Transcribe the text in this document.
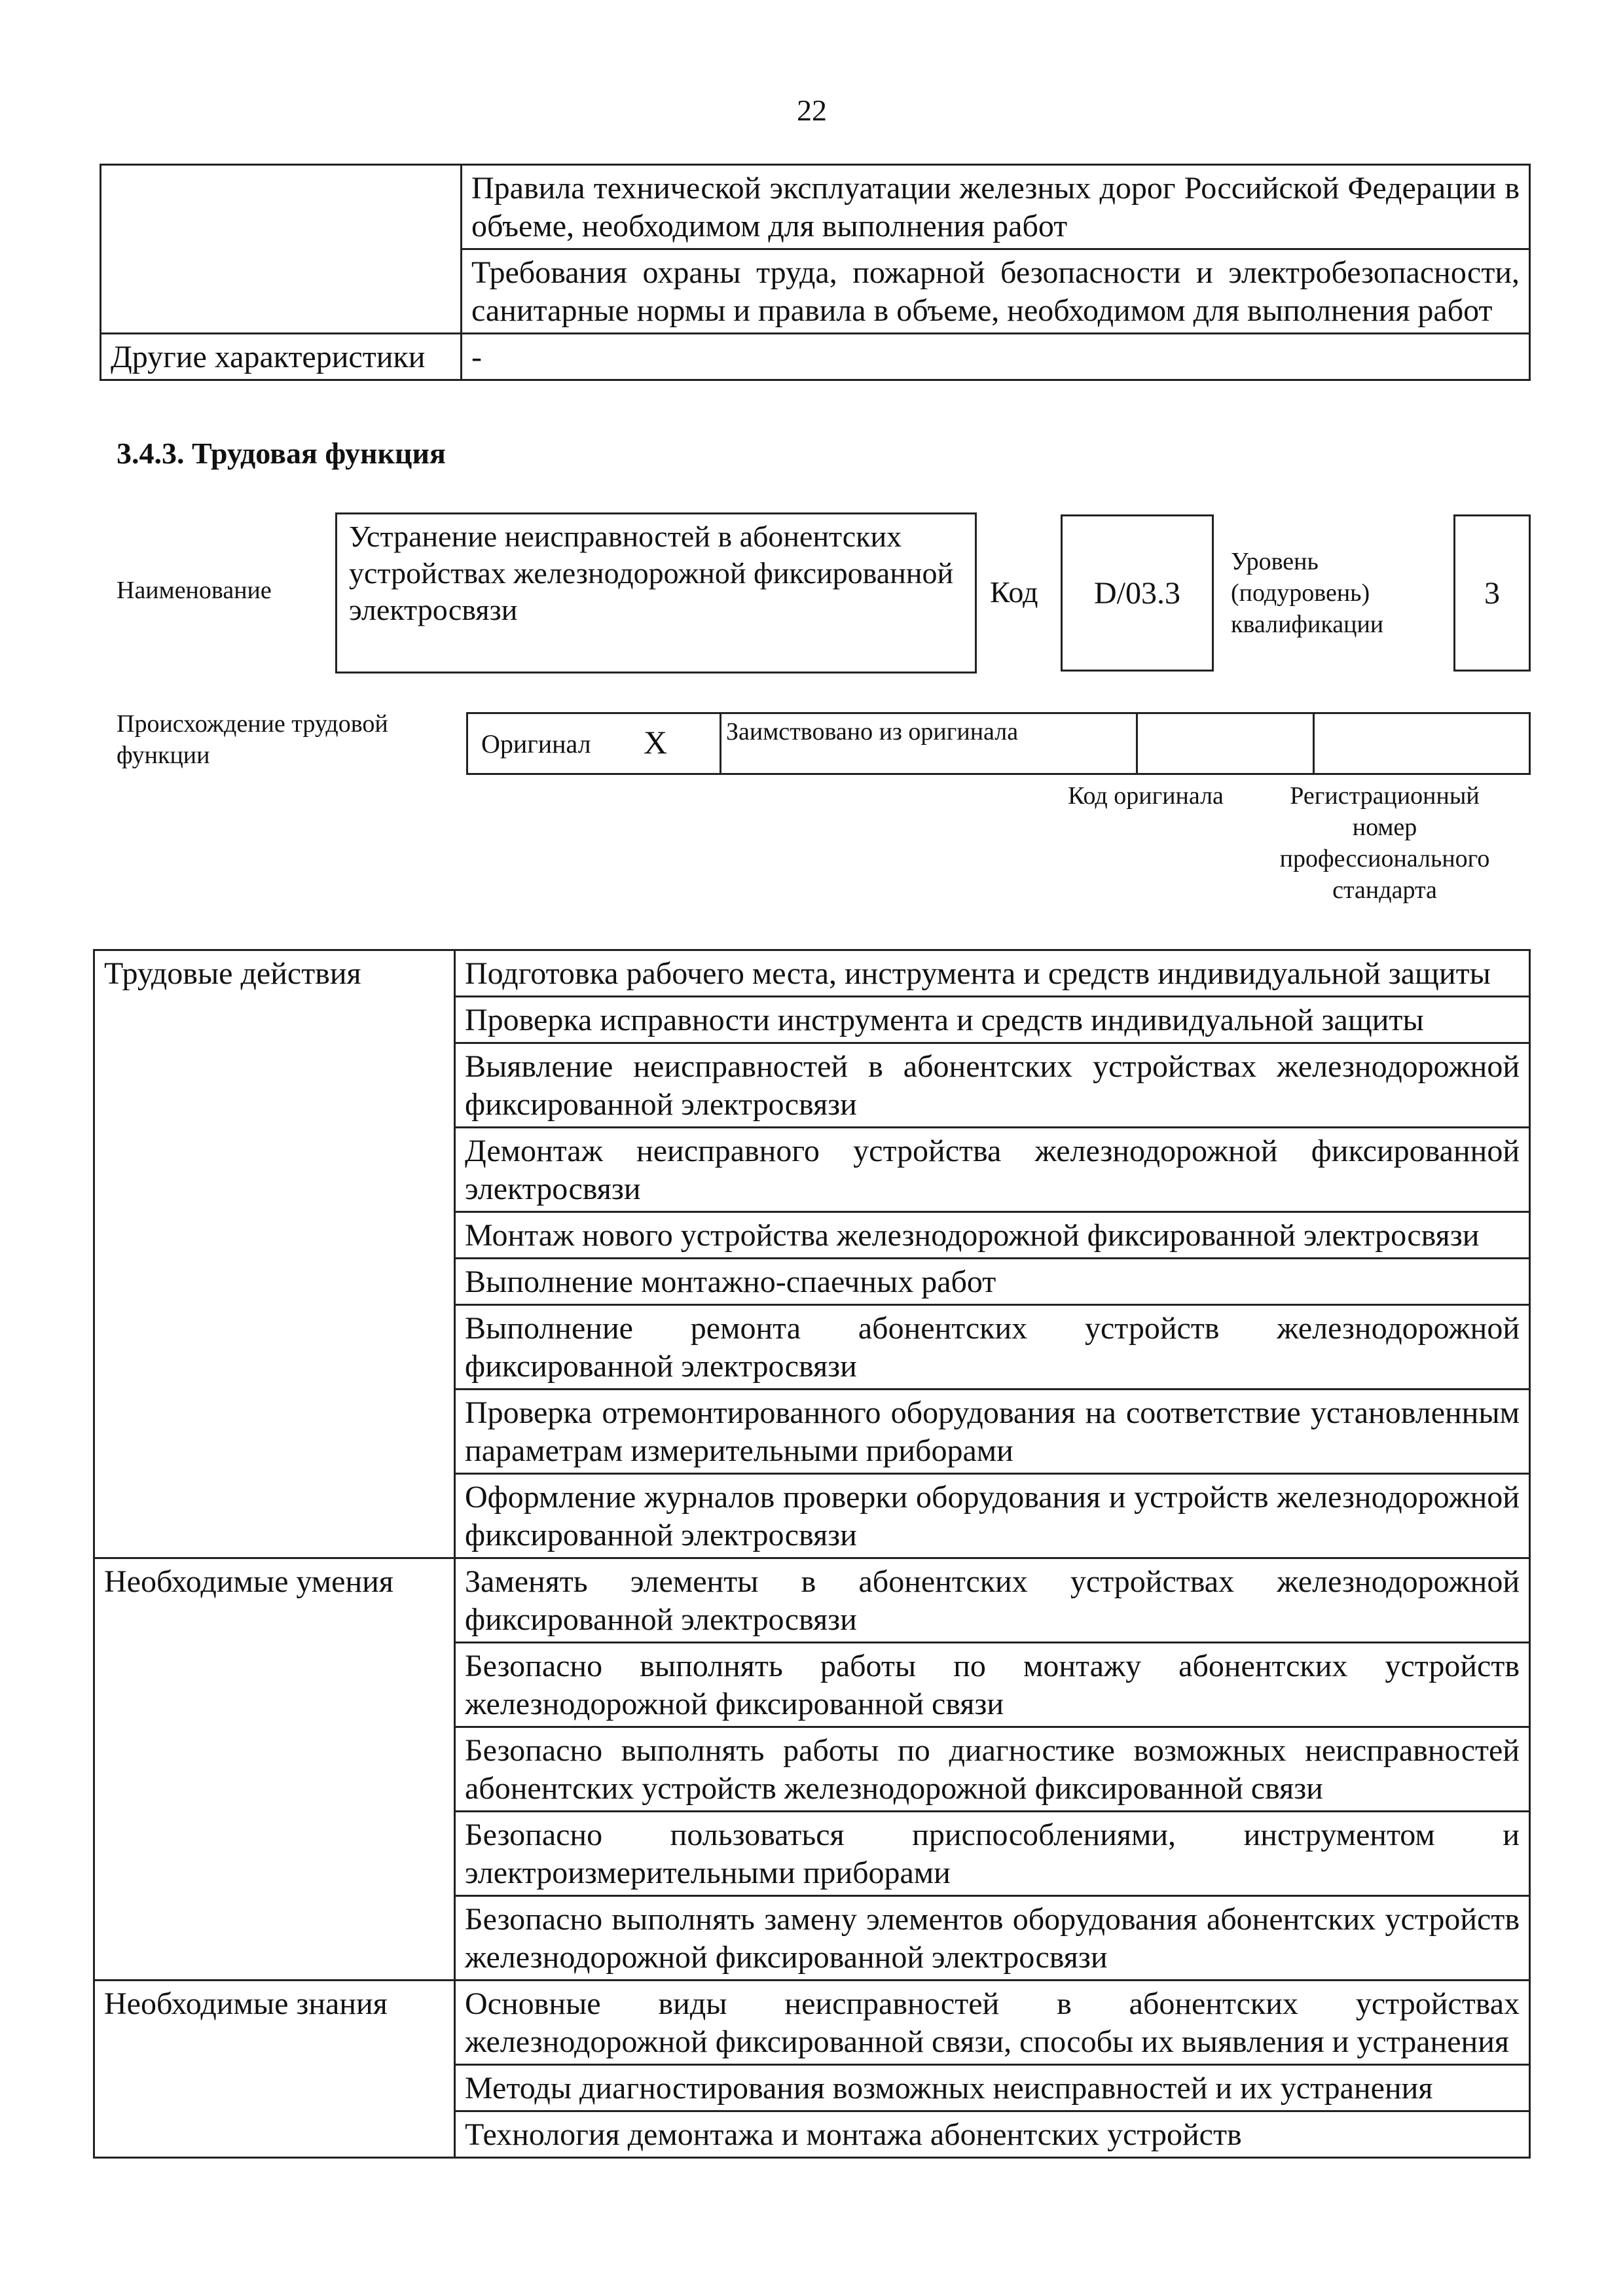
22
	Правила технической эксплуатации железных дорог Российской Федерации в объеме, необходимом для выполнения работ
	Требования охраны труда, пожарной безопасности и электробезопасности, санитарные нормы и правила в объеме, необходимом для выполнения работ
Другие характеристики	-
3.4.3. Трудовая функция
Наименование
Устранение неисправностей в абонентских устройствах железнодорожной фиксированной электросвязи
Код D/03.3
Уровень (подуровень) квалификации
3
Происхождение трудовой функции	Оригинал X Заимствовано из оригинала
Код оригинала	Регистрационный номер профессионального стандарта
Трудовые действия	Подготовка рабочего места, инструмента и средств индивидуальной защиты
	Проверка исправности инструмента и средств индивидуальной защиты
	Выявление неисправностей в абонентских устройствах железнодорожной фиксированной электросвязи
	Демонтаж неисправного устройства железнодорожной фиксированной электросвязи
	Монтаж нового устройства железнодорожной фиксированной электросвязи
	Выполнение монтажно-спаечных работ
	Выполнение ремонта абонентских устройств железнодорожной фиксированной электросвязи
	Проверка отремонтированного оборудования на соответствие установленным параметрам измерительными приборами
	Оформление журналов проверки оборудования и устройств железнодорожной фиксированной электросвязи
Необходимые умения	Заменять элементы в абонентских устройствах железнодорожной фиксированной электросвязи
	Безопасно выполнять работы по монтажу абонентских устройств железнодорожной фиксированной связи
	Безопасно выполнять работы по диагностике возможных неисправностей абонентских устройств железнодорожной фиксированной связи
	Безопасно пользоваться приспособлениями, инструментом и электроизмерительными приборами
	Безопасно выполнять замену элементов оборудования абонентских устройств железнодорожной фиксированной электросвязи
Необходимые знания	Основные виды неисправностей в абонентских устройствах железнодорожной фиксированной связи, способы их выявления и устранения
	Методы диагностирования возможных неисправностей и их устранения
	Технология демонтажа и монтажа абонентских устройств
